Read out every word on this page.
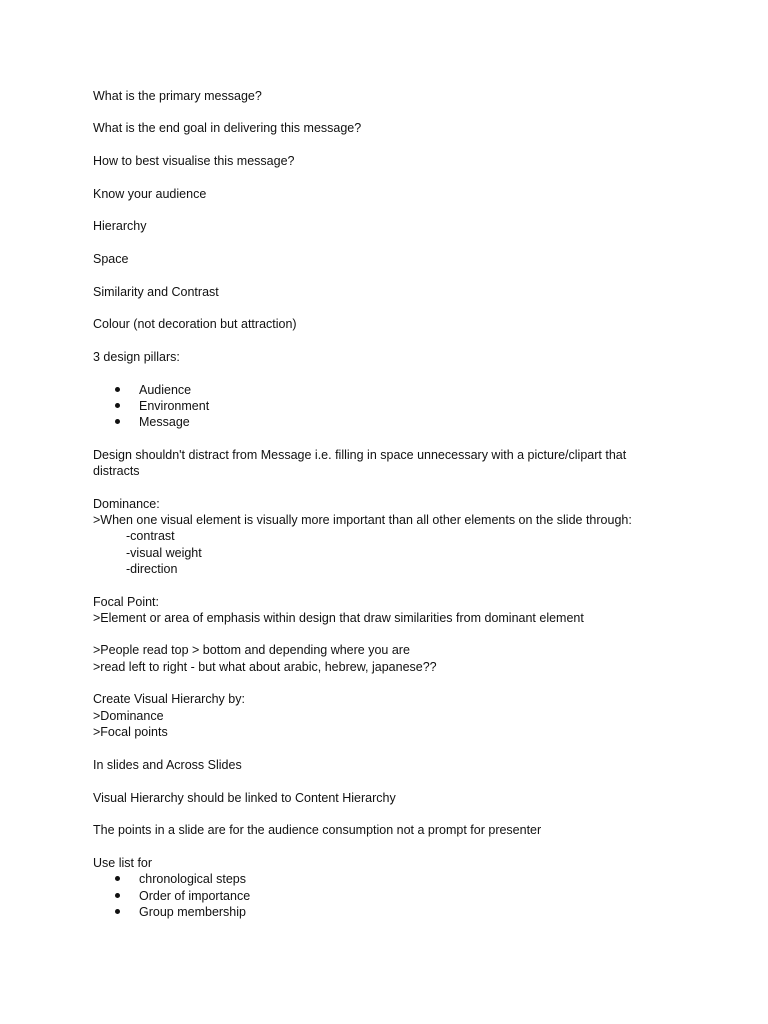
What is the primary message?
What is the end goal in delivering this message?
How to best visualise this message?
Know your audience
Hierarchy
Space
Similarity and Contrast
Colour (not decoration but attraction)
3 design pillars:
Audience
Environment
Message
Design shouldn't distract from Message i.e. filling in space unnecessary with a picture/clipart that
distracts
Dominance:
>When one visual element is visually more important than all other elements on the slide through:
-contrast
-visual weight
-direction
Focal Point:
>Element or area of emphasis within design that draw similarities from dominant element
>People read top > bottom and depending where you are
>read left to right - but what about arabic, hebrew, japanese??
Create Visual Hierarchy by:
>Dominance
>Focal points
In slides and Across Slides
Visual Hierarchy should be linked to Content Hierarchy
The points in a slide are for the audience consumption not a prompt for presenter
Use list for
chronological steps
Order of importance
Group membership
